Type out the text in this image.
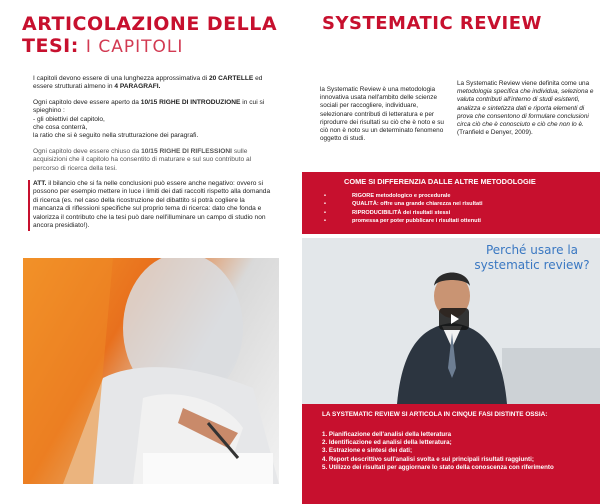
ARTICOLAZIONE DELLA
TESI: I CAPITOLI

I capitoli devono essere di una lunghezza approssimativa di 20 CARTELLE ed essere strutturati almeno in 4 PARAGRAFI.

Ogni capitolo deve essere aperto da 10/15 RIGHE DI INTRODUZIONE in cui si spieghino :
- gli obiettivi del capitolo,
che cosa conterrà,
la ratio che si è seguito nella strutturazione dei paragrafi.

Ogni capitolo deve essere chiuso da 10/15 RIGHE DI RIFLESSIONI sulle acquisizioni che il capitolo ha consentito di maturare e sul suo contributo al percorso di ricerca della tesi.

ATT. il bilancio che si fa nelle conclusioni può essere anche negativo: ovvero si possono per esempio mettere in luce i limiti dei dati raccolti rispetto alla domanda di ricerca (es. nel caso della ricostruzione del dibattito si potrà cogliere la mancanza di riflessioni specifiche sul proprio tema di ricerca: dato che fonda e valorizza il contributo che la tesi può dare nell'illuminare un campo di studio non ancora presidiato!).

SYSTEMATIC REVIEW
la Systematic Review è una metodologia innovativa usata nell'ambito delle scienze sociali per raccogliere, individuare, selezionare contributi di letteratura e per riprodurre dei risultati su ciò che è noto e su ciò non è noto su un determinato fenomeno oggetto di studi.
La Systematic Review viene definita come una metodologia specifica che individua, seleziona e valuta contributi all'interno di studi esistenti, analizza e sintetizza dati e riporta elementi di prova che consentono di formulare conclusioni circa ciò che è conosciuto e ciò che non lo è. (Tranfield e Denyer, 2009).
COME SI DIFFERENZIA DALLE ALTRE METODOLOGIE
•	RIGORE metodologico e procedurale
•	QUALITÀ: offre una grande chiarezza nei risultati
•	RIPRODUCIBILITÀ dei risultati stessi
•	promessa per poter pubblicare i risultati ottenuti
Perché usare la systematic review?
LA SYSTEMATIC REVIEW SI ARTICOLA IN CINQUE FASI DISTINTE OSSIA:
1. Pianificazione dell'analisi della letteratura
2. Identificazione ed analisi della letteratura;
3. Estrazione e sintesi dei dati;
4. Report descrittivo sull'analisi svolta e sui principali risultati raggiunti;
5. Utilizzo dei risultati per aggiornare lo stato della conoscenza con riferimento
